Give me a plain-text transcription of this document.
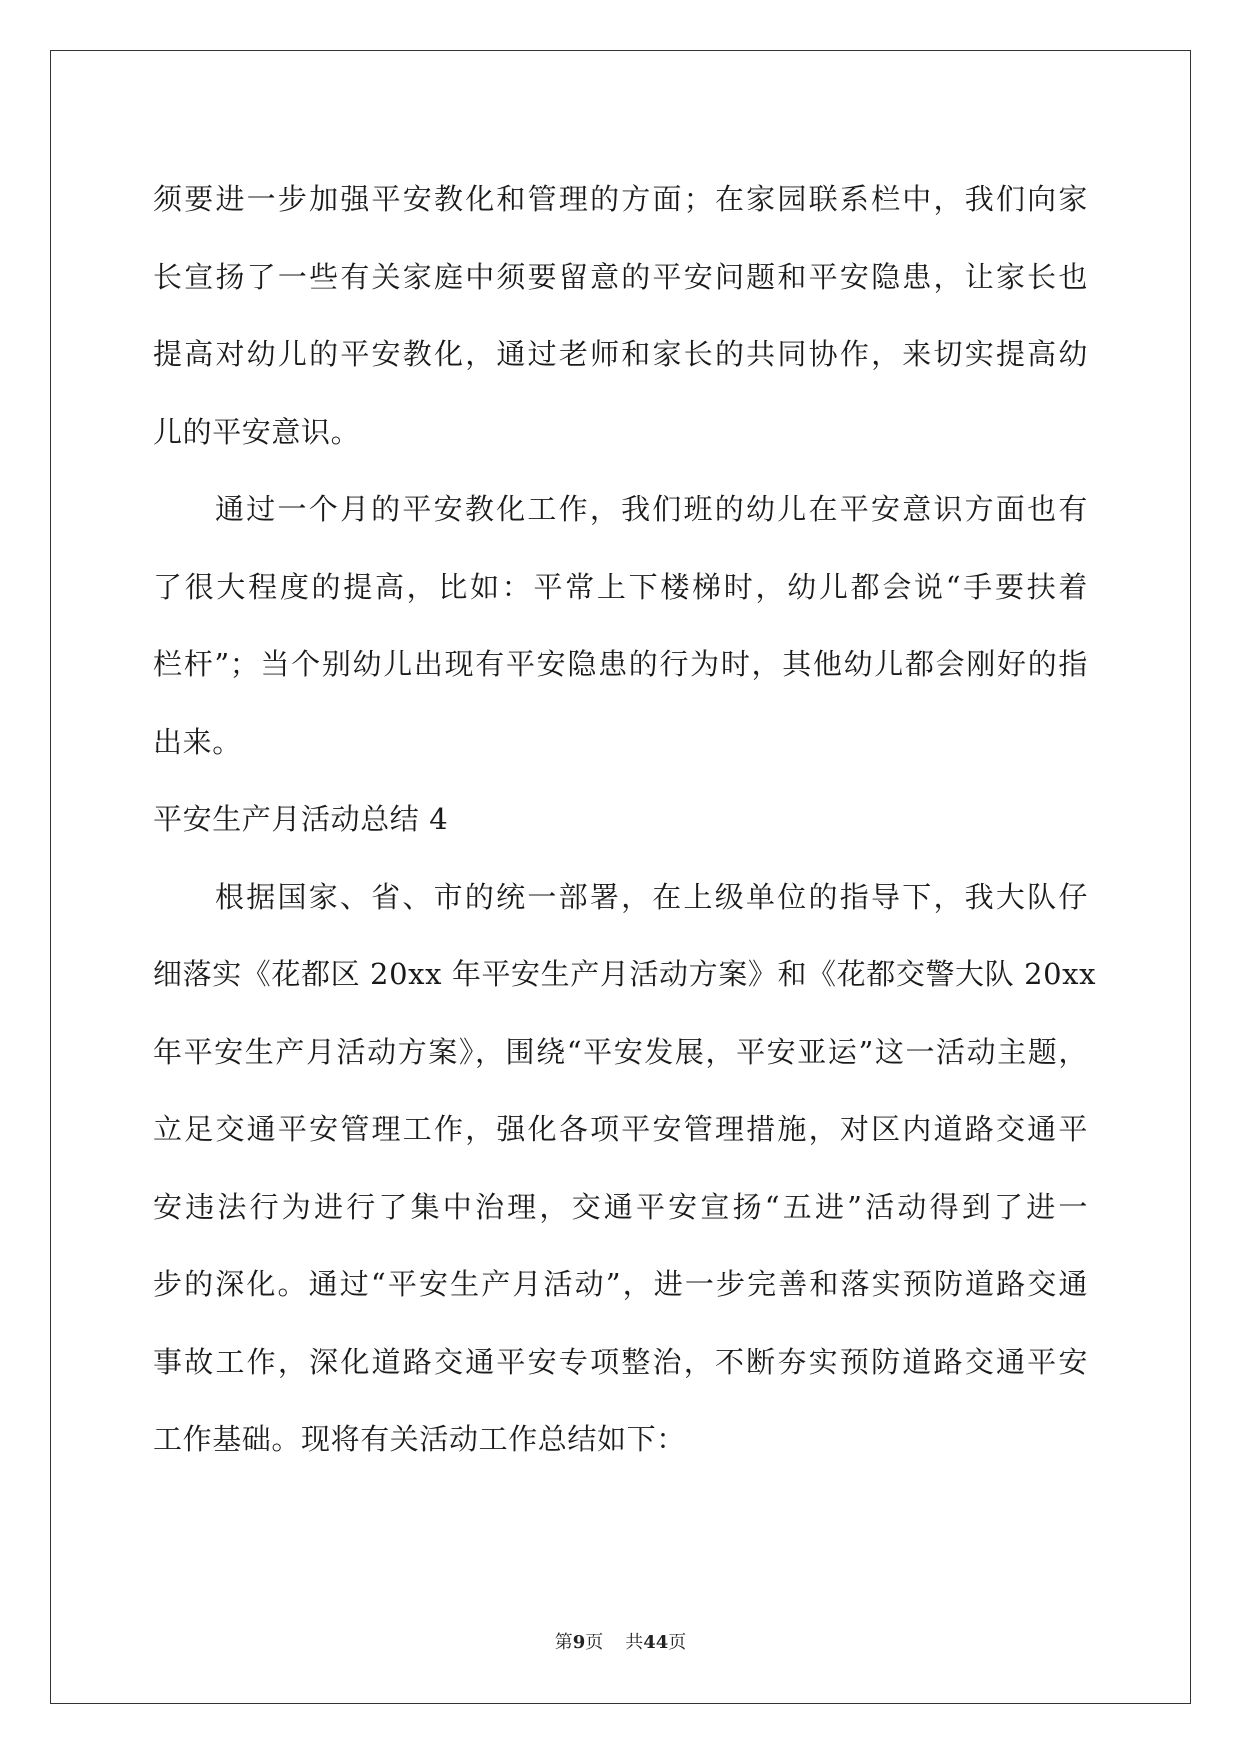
须要进一步加强平安教化和管理的方面；在家园联系栏中，我们向家
长宣扬了一些有关家庭中须要留意的平安问题和平安隐患，让家长也
提高对幼儿的平安教化，通过老师和家长的共同协作，来切实提高幼
儿的平安意识。
通过一个月的平安教化工作，我们班的幼儿在平安意识方面也有
了很大程度的提高，比如：平常上下楼梯时，幼儿都会说“手要扶着
栏杆”；当个别幼儿出现有平安隐患的行为时，其他幼儿都会刚好的指
出来。
平安生产月活动总结 4
根据国家、省、市的统一部署，在上级单位的指导下，我大队仔
细落实《花都区 20xx 年平安生产月活动方案》和《花都交警大队 20xx
年平安生产月活动方案》，围绕“平安发展，平安亚运”这一活动主题，
立足交通平安管理工作，强化各项平安管理措施，对区内道路交通平
安违法行为进行了集中治理，交通平安宣扬“五进”活动得到了进一
步的深化。通过“平安生产月活动”，进一步完善和落实预防道路交通
事故工作，深化道路交通平安专项整治，不断夯实预防道路交通平安
工作基础。现将有关活动工作总结如下：
第9页 共44页
